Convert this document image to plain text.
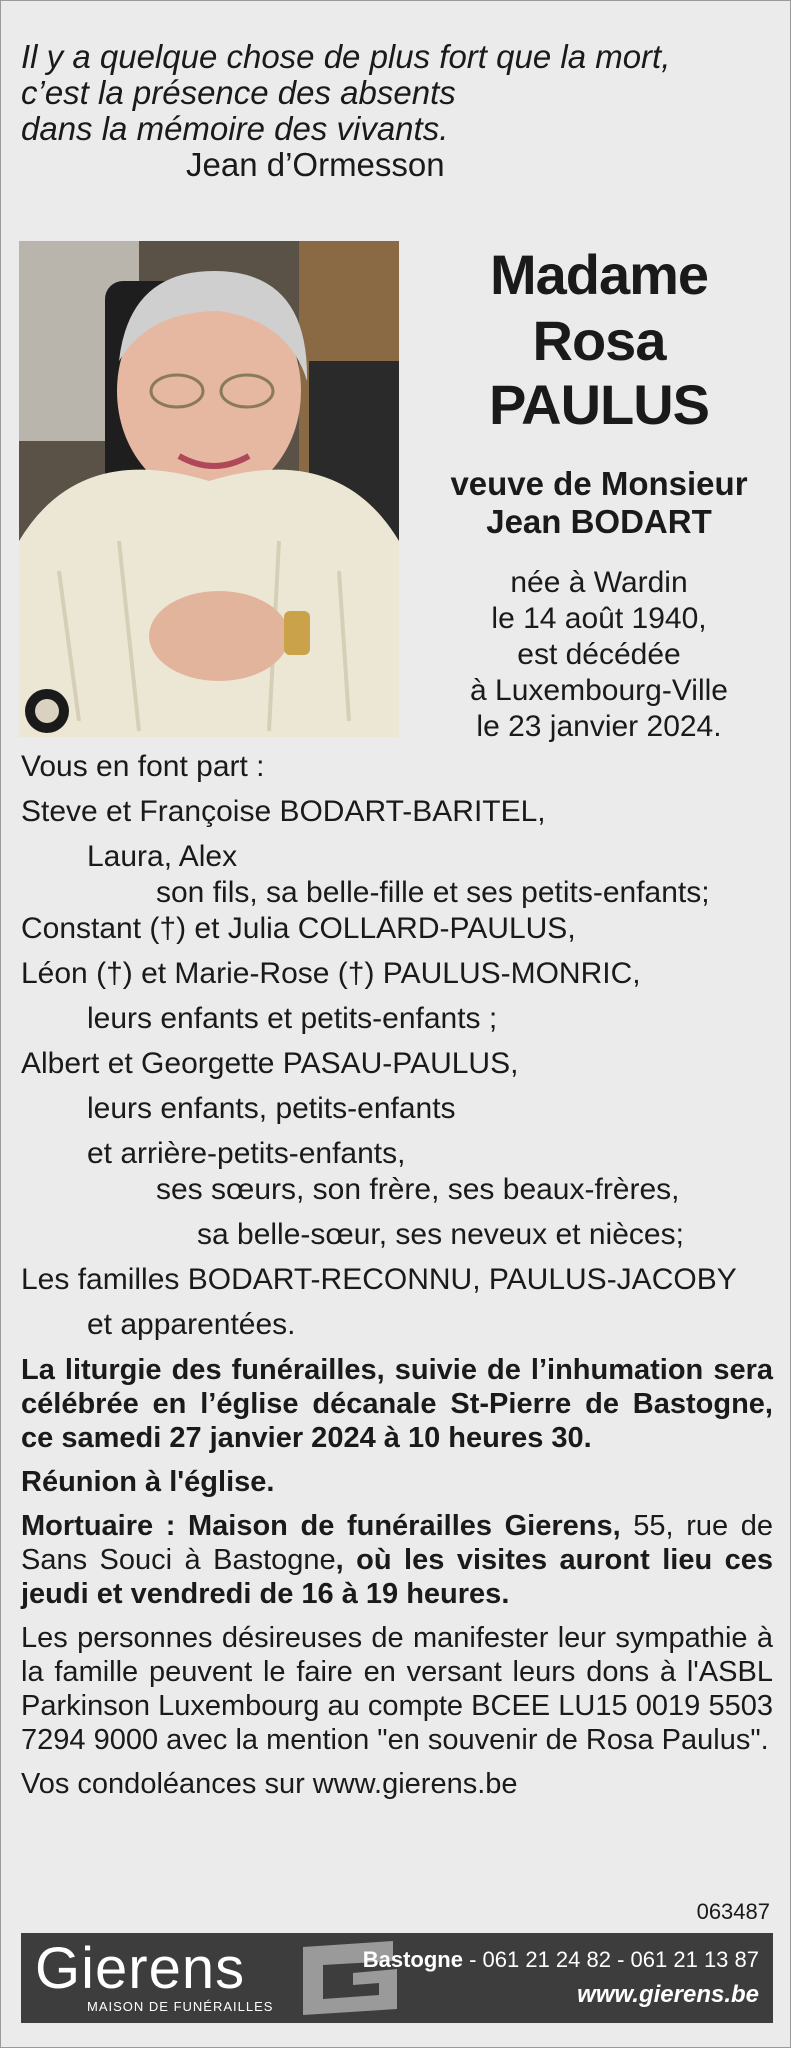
Il y a quelque chose de plus fort que la mort,
c’est la présence des absents
dans la mémoire des vivants.
Jean d’Ormesson
Madame
Rosa PAULUS
veuve de Monsieur
Jean BODART
née à Wardin
le 14 août 1940,
est décédée
à Luxembourg-Ville
le 23 janvier 2024.
Vous en font part :
Steve et Françoise BODART-BARITEL,
Laura, Alex
son fils, sa belle-fille et ses petits-enfants;
Constant (†) et Julia COLLARD-PAULUS,
Léon (†) et Marie-Rose (†) PAULUS-MONRIC,
leurs enfants et petits-enfants ;
Albert et Georgette PASAU-PAULUS,
leurs enfants, petits-enfants
et arrière-petits-enfants,
ses sœurs, son frère, ses beaux-frères,
sa belle-sœur, ses neveux et nièces;
Les familles BODART-RECONNU, PAULUS-JACOBY
et apparentées.
La liturgie des funérailles, suivie de l’inhumation sera célébrée en l’église décanale St-Pierre de Bastogne, ce samedi 27 janvier 2024 à 10 heures 30.
Réunion à l'église.
Mortuaire : Maison de funérailles Gierens, 55, rue de Sans Souci à Bastogne, où les visites auront lieu ces jeudi et vendredi de 16 à 19 heures.
Les personnes désireuses de manifester leur sympathie à la famille peuvent le faire en versant leurs dons à l'ASBL Parkinson Luxembourg au compte BCEE LU15 0019 5503 7294 9000 avec la mention "en souvenir de Rosa Paulus".
Vos condoléances sur www.gierens.be
063487
Gierens
MAISON DE FUNÉRAILLES
Bastogne - 061 21 24 82 - 061 21 13 87
www.gierens.be
